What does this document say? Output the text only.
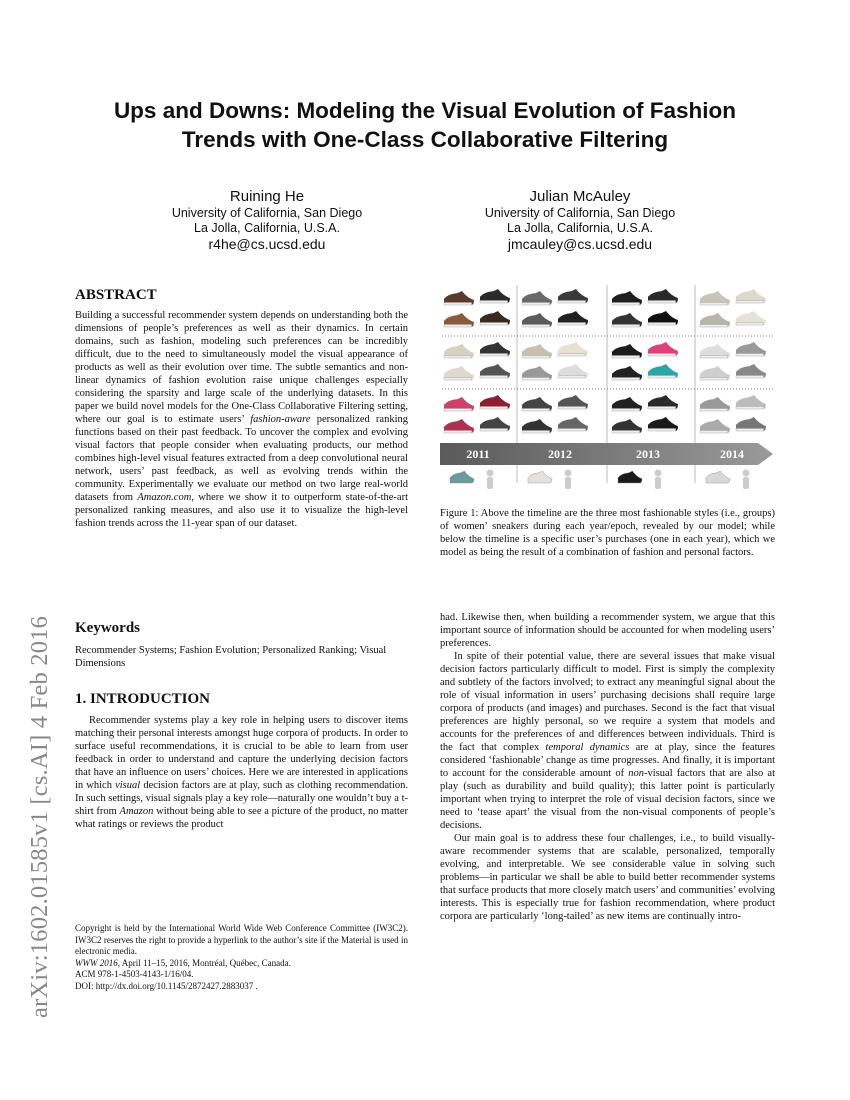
Ups and Downs: Modeling the Visual Evolution of Fashion
Trends with One-Class Collaborative Filtering
Ruining He
University of California, San Diego
La Jolla, California, U.S.A.
r4he@cs.ucsd.edu
Julian McAuley
University of California, San Diego
La Jolla, California, U.S.A.
jmcauley@cs.ucsd.edu
arXiv:1602.01585v1 [cs.AI] 4 Feb 2016
ABSTRACT

Building a successful recommender system depends on understanding both the dimensions of people’s preferences as well as their dynamics. In certain domains, such as fashion, modeling such preferences can be incredibly difficult, due to the need to simultaneously model the visual appearance of products as well as their evolution over time. The subtle semantics and non-linear dynamics of fashion evolution raise unique challenges especially considering the sparsity and large scale of the underlying datasets. In this paper we build novel models for the One-Class Collaborative Filtering setting, where our goal is to estimate users’ fashion-aware personalized ranking functions based on their past feedback. To uncover the complex and evolving visual factors that people consider when evaluating products, our method combines high-level visual features extracted from a deep convolutional neural network, users’ past feedback, as well as evolving trends within the community. Experimentally we evaluate our method on two large real-world datasets from Amazon.com, where we show it to outperform state-of-the-art personalized ranking measures, and also use it to visualize the high-level fashion trends across the 11-year span of our dataset.

Keywords
Recommender Systems; Fashion Evolution; Personalized Ranking; Visual Dimensions
1. INTRODUCTION

Recommender systems play a key role in helping users to discover items matching their personal interests amongst huge corpora of products. In order to surface useful recommendations, it is crucial to be able to learn from user feedback in order to understand and capture the underlying decision factors that have an influence on users’ choices. Here we are interested in applications in which visual decision factors are at play, such as clothing recommendation. In such settings, visual signals play a key role—naturally one wouldn’t buy a t-shirt from Amazon without being able to see a picture of the product, no matter what ratings or reviews the product

Copyright is held by the International World Wide Web Conference Committee (IW3C2). IW3C2 reserves the right to provide a hyperlink to the author’s site if the Material is used in electronic media.
WWW 2016, April 11–15, 2016, Montréal, Québec, Canada.
ACM 978-1-4503-4143-1/16/04.
DOI: http://dx.doi.org/10.1145/2872427.2883037 .
2011	2012	2013	2014
Figure 1: Above the timeline are the three most fashionable styles (i.e., groups) of women’ sneakers during each year/epoch, revealed by our model; while below the timeline is a specific user’s purchases (one in each year), which we model as being the result of a combination of fashion and personal factors.

had. Likewise then, when building a recommender system, we argue that this important source of information should be accounted for when modeling users’ preferences.

In spite of their potential value, there are several issues that make visual decision factors particularly difficult to model. First is simply the complexity and subtlety of the factors involved; to extract any meaningful signal about the role of visual information in users’ purchasing decisions shall require large corpora of products (and images) and purchases. Second is the fact that visual preferences are highly personal, so we require a system that models and accounts for the preferences of and differences between individuals. Third is the fact that complex temporal dynamics are at play, since the features considered ‘fashionable’ change as time progresses. And finally, it is important to account for the considerable amount of non-visual factors that are also at play (such as durability and build quality); this latter point is particularly important when trying to interpret the role of visual decision factors, since we need to ‘tease apart’ the visual from the non-visual components of people’s decisions.

Our main goal is to address these four challenges, i.e., to build visually-aware recommender systems that are scalable, personalized, temporally evolving, and interpretable. We see considerable value in solving such problems—in particular we shall be able to build better recommender systems that surface products that more closely match users’ and communities’ evolving interests. This is especially true for fashion recommendation, where product corpora are particularly ‘long-tailed’ as new items are continually intro-
